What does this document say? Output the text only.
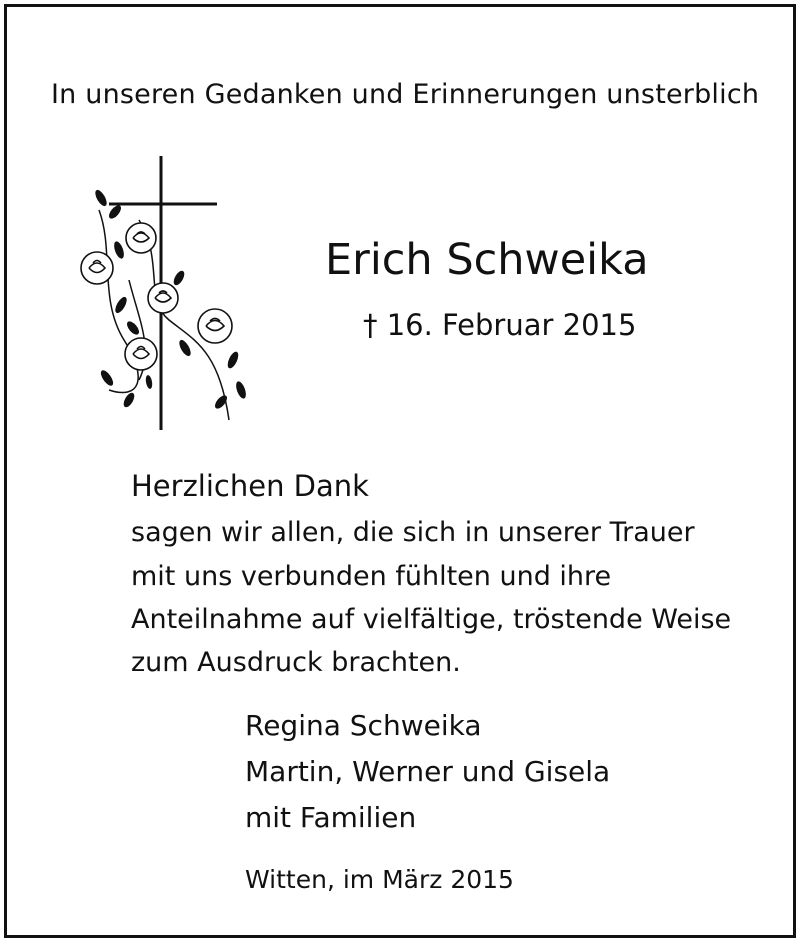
In unseren Gedanken und Erinnerungen unsterblich
Erich Schweika
† 16. Februar 2015
Herzlichen Dank
sagen wir allen, die sich in unserer Trauer
mit uns verbunden fühlten und ihre
Anteilnahme auf vielfältige, tröstende Weise
zum Ausdruck brachten.
Regina Schweika
Martin, Werner und Gisela
mit Familien
Witten, im März 2015
